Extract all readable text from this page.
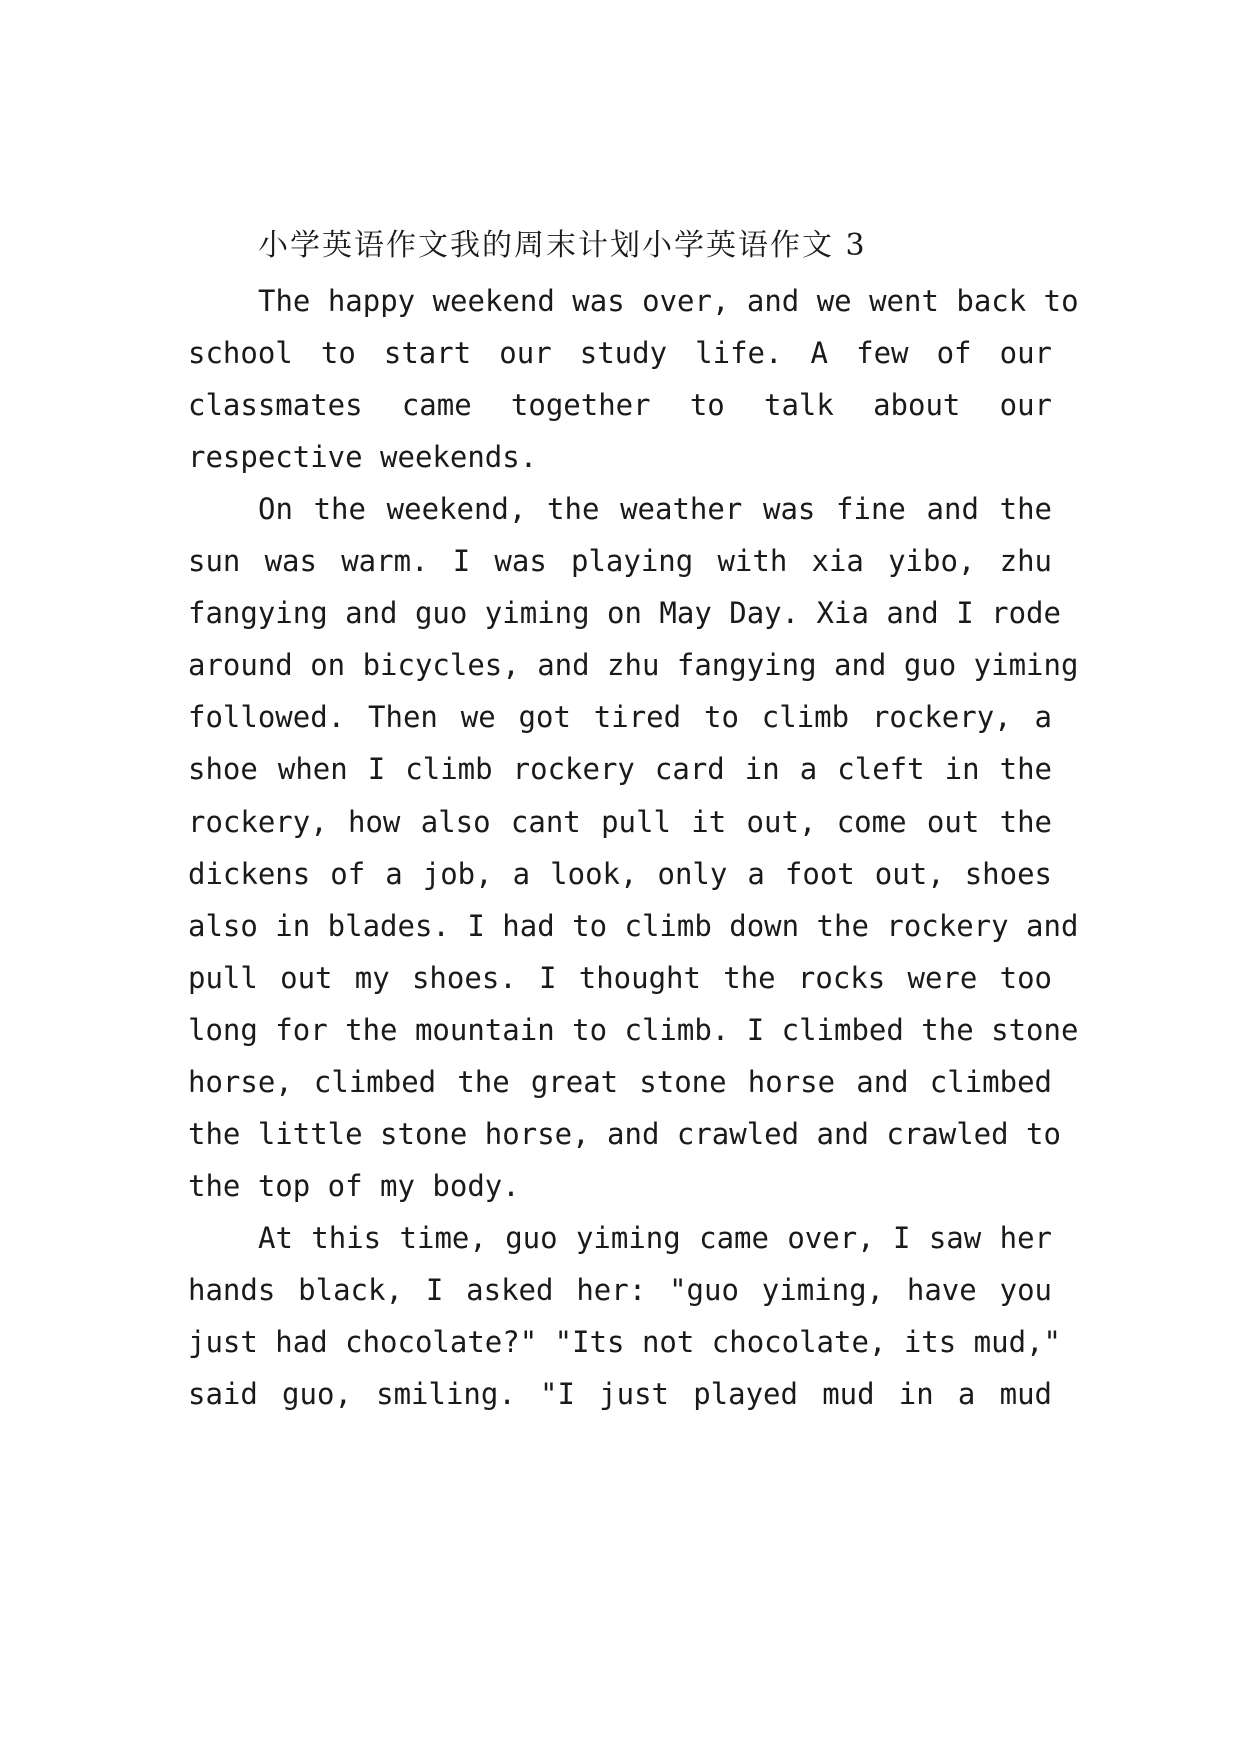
小学英语作文我的周末计划小学英语作文 3
The happy weekend was over, and we went back to
school to start our study life. A few of our
classmates came together to talk about our
respective weekends.
On the weekend, the weather was fine and the
sun was warm. I was playing with xia yibo, zhu
fangying and guo yiming on May Day. Xia and I rode
around on bicycles, and zhu fangying and guo yiming
followed. Then we got tired to climb rockery, a
shoe when I climb rockery card in a cleft in the
rockery, how also cant pull it out, come out the
dickens of a job, a look, only a foot out, shoes
also in blades. I had to climb down the rockery and
pull out my shoes. I thought the rocks were too
long for the mountain to climb. I climbed the stone
horse, climbed the great stone horse and climbed
the little stone horse, and crawled and crawled to
the top of my body.
At this time, guo yiming came over, I saw her
hands black, I asked her: "guo yiming, have you
just had chocolate?" "Its not chocolate, its mud,"
said guo, smiling. "I just played mud in a mud
